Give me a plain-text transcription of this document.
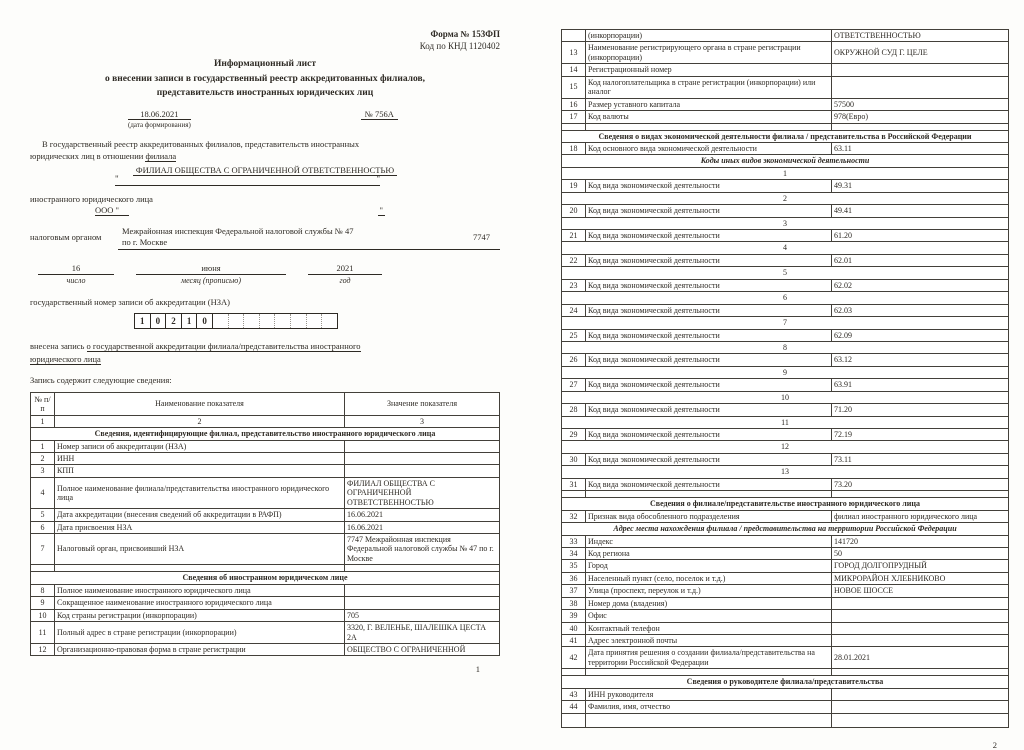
Форма № 153ФП
Код по КНД 1120402
Информационный лист
о внесении записи в государственный реестр аккредитованных филиалов,
представительств иностранных юридических лиц
18.06.2021
(дата формирования)
№ 756А
В государственный реестр аккредитованных филиалов, представительств иностранных
юридических лиц в отношении филиала
ФИЛИАЛ ОБЩЕСТВА С ОГРАНИЧЕННОЙ ОТВЕТСТВЕННОСТЬЮ
"	"
иностранного юридического лица
ООО "	"
налоговым органом
Межрайонная инспекция Федеральной налоговой службы № 47
по г. Москве	7747
16
число
июня
месяц (прописью)
2021
год
государственный номер записи об аккредитации (НЗА)
1	0	2	1	0
внесена запись о государственной аккредитации филиала/представительства иностранного
юридического лица
Запись содержит следующие сведения:
№ п/п	Наименование показателя	Значение показателя
1	2	3
Сведения, идентифицирующие филиал, представительство иностранного юридического лица		
1	Номер записи об аккредитации (НЗА)	
2	ИНН	
3	КПП	
4	Полное наименование филиала/представительства иностранного юридического лица	ФИЛИАЛ ОБЩЕСТВА С ОГРАНИЧЕННОЙ ОТВЕТСТВЕННОСТЬЮ
5	Дата аккредитации (внесения сведений об аккредитации в РАФП)	16.06.2021
6	Дата присвоения НЗА	16.06.2021
7	Налоговый орган, присвоивший НЗА	7747 Межрайонная инспекция Федеральной налоговой службы № 47 по г. Москве

Сведения об иностранном юридическом лице		
8	Полное наименование иностранного юридического лица	
9	Сокращенное наименование иностранного юридического лица	
10	Код страны регистрации (инкорпорации)	705
11	Полный адрес в стране регистрации (инкорпорации)	3320, Г. ВЕЛЕНЬЕ, ШАЛЕШКА ЦЕСТА 2А
12	Организационно-правовая форма в стране регистрации	ОБЩЕСТВО С ОГРАНИЧЕННОЙ
1
	(инкорпорации)	ОТВЕТСТВЕННОСТЬЮ
13	Наименование регистрирующего органа в стране регистрации (инкорпорации)	ОКРУЖНОЙ СУД Г. ЦЕЛЕ
14	Регистрационный номер	
15	Код налогоплательщика в стране регистрации (инкорпорации) или аналог	
16	Размер уставного капитала	57500
17	Код валюты	978(Евро)

Сведения о видах экономической деятельности филиала / представительства в Российской Федерации		
18	Код основного вида экономической деятельности	63.11
Коды иных видов экономической деятельности		
1		
19	Код вида экономической деятельности	49.31
2		
20	Код вида экономической деятельности	49.41
3		
21	Код вида экономической деятельности	61.20
4		
22	Код вида экономической деятельности	62.01
5		
23	Код вида экономической деятельности	62.02
6		
24	Код вида экономической деятельности	62.03
7		
25	Код вида экономической деятельности	62.09
8		
26	Код вида экономической деятельности	63.12
9		
27	Код вида экономической деятельности	63.91
10		
28	Код вида экономической деятельности	71.20
11		
29	Код вида экономической деятельности	72.19
12		
30	Код вида экономической деятельности	73.11
13		
31	Код вида экономической деятельности	73.20

Сведения о филиале/представительстве иностранного юридического лица		
32	Признак вида обособленного подразделения	филиал иностранного юридического лица
Адрес места нахождения филиала / представительства на территории Российской Федерации		
33	Индекс	141720
34	Код региона	50
35	Город	ГОРОД ДОЛГОПРУДНЫЙ
36	Населенный пункт (село, поселок и т.д.)	МИКРОРАЙОН ХЛЕБНИКОВО
37	Улица (проспект, переулок и т.д.)	НОВОЕ ШОССЕ
38	Номер дома (владения)	
39	Офис	
40	Контактный телефон	
41	Адрес электронной почты	
42	Дата принятия решения о создании филиала/представительства на территории Российской Федерации	28.01.2021

Сведения о руководителе филиала/представительства		
43	ИНН руководителя	
44	Фамилия, имя, отчество	

2
